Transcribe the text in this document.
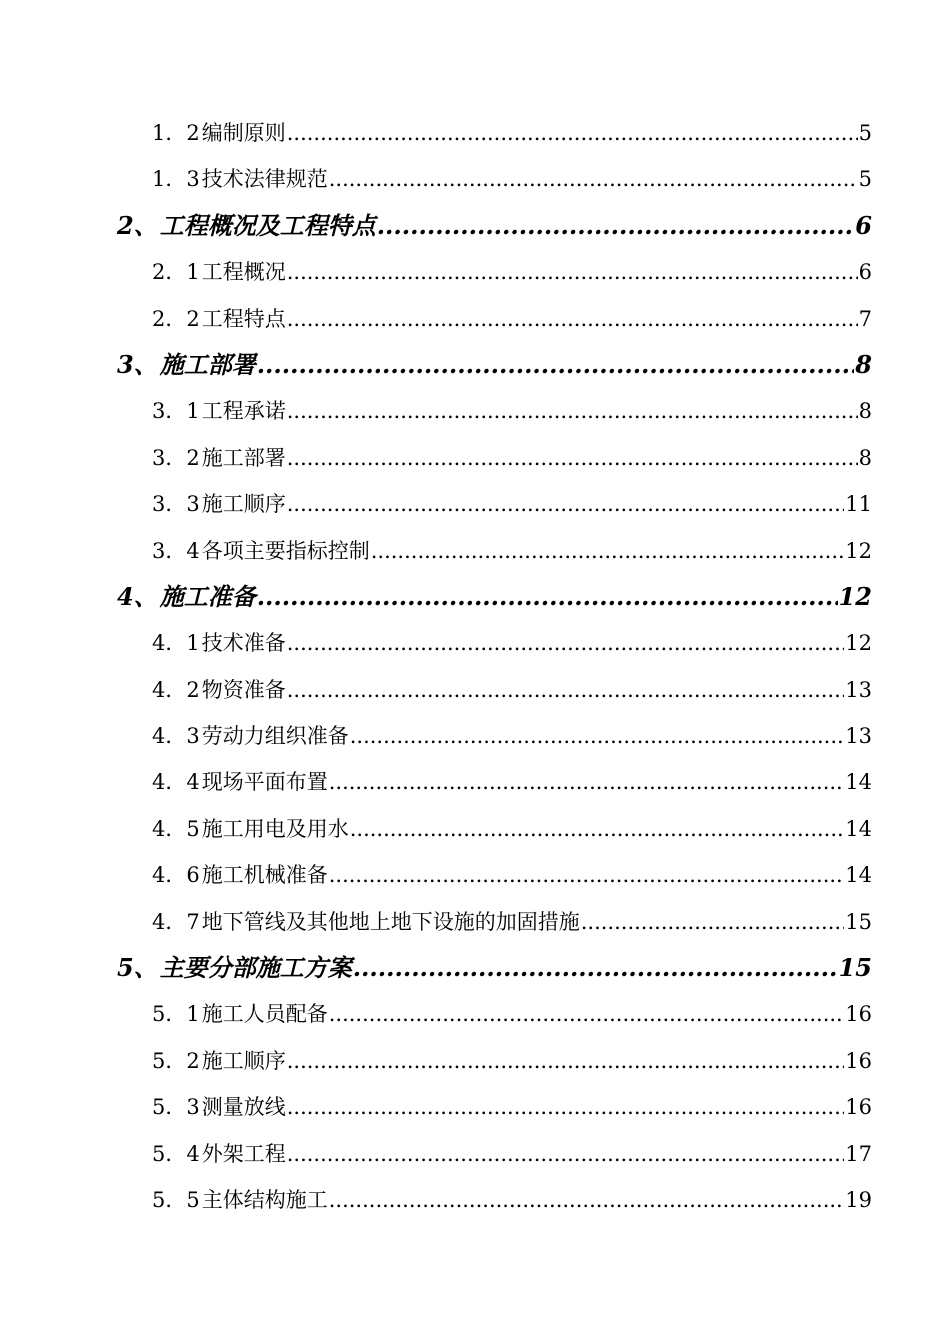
1．2 编制原则 .....	5
1．3 技术法律规范 .....	5
2、 工程概况及工程特点 .....	6
2．1 工程概况 .....	6
2．2 工程特点 .....	7
3、 施工部署 .....	8
3．1 工程承诺 .....	8
3．2 施工部署 .....	8
3．3 施工顺序 .....	11
3．4 各项主要指标控制 .....	12
4、 施工准备 .....	12
4．1 技术准备 .....	12
4．2 物资准备 .....	13
4．3 劳动力组织准备 .....	13
4．4 现场平面布置 .....	14
4．5 施工用电及用水 .....	14
4．6 施工机械准备 .....	14
4．7 地下管线及其他地上地下设施的加固措施 .....	15
5、 主要分部施工方案 .....	15
5．1 施工人员配备 .....	16
5．2 施工顺序 .....	16
5．3 测量放线 .....	16
5．4 外架工程 .....	17
5．5 主体结构施工 .....	19
